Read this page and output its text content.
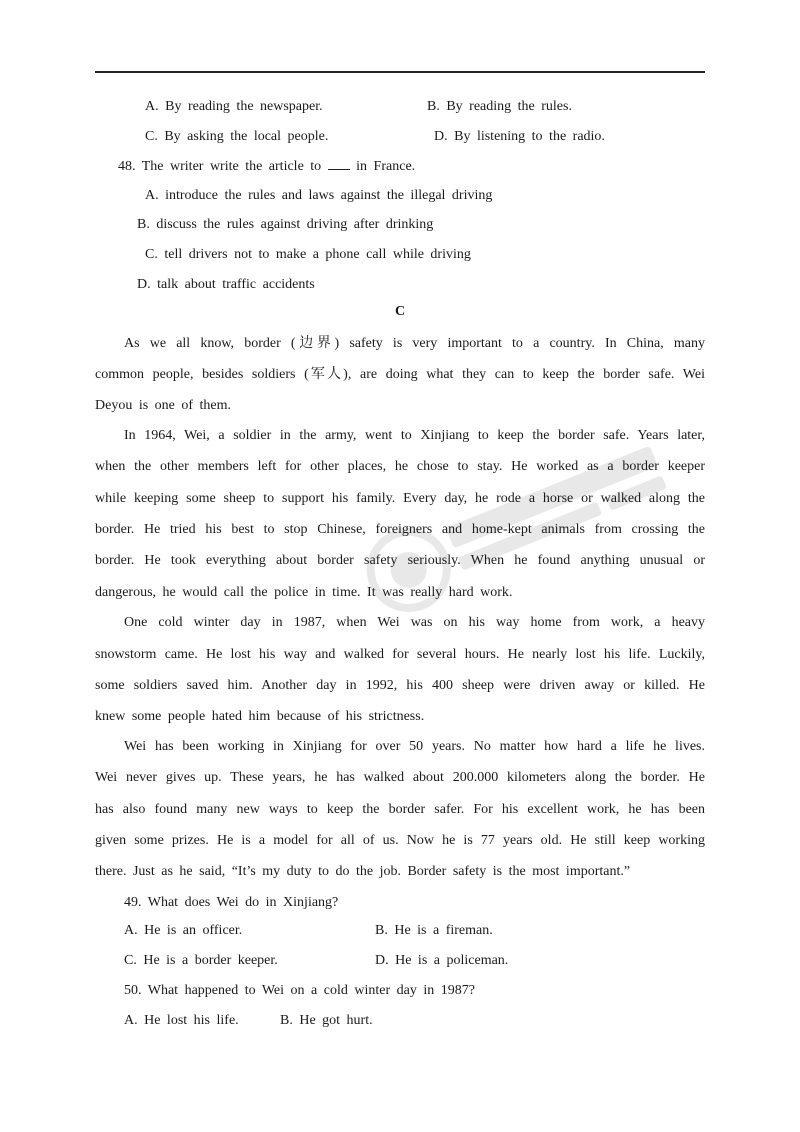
A. By reading the newspaper.	B. By reading the rules.
C. By asking the local people.	D. By listening to the radio.
48. The writer write the article to	in France.
A. introduce the rules and laws against the illegal driving
B. discuss the rules against driving after drinking
C. tell drivers not to make a phone call while driving
D. talk about traffic accidents
C
As we all know, border (边界) safety is very important to a country. In China, many
common people, besides soldiers (军人), are doing what they can to keep the border safe. Wei
Deyou is one of them.
In 1964, Wei, a soldier in the army, went to Xinjiang to keep the border safe. Years later,
when the other members left for other places, he chose to stay. He worked as a border keeper
while keeping some sheep to support his family. Every day, he rode a horse or walked along the
border. He tried his best to stop Chinese, foreigners and home-kept animals from crossing the
border. He took everything about border safety seriously. When he found anything unusual or
dangerous, he would call the police in time. It was really hard work.
One cold winter day in 1987, when Wei was on his way home from work, a heavy
snowstorm came. He lost his way and walked for several hours. He nearly lost his life. Luckily,
some soldiers saved him. Another day in 1992, his 400 sheep were driven away or killed. He
knew some people hated him because of his strictness.
Wei has been working in Xinjiang for over 50 years. No matter how hard a life he lives.
Wei never gives up. These years, he has walked about 200.000 kilometers along the border. He
has also found many new ways to keep the border safer. For his excellent work, he has been
given some prizes. He is a model for all of us. Now he is 77 years old. He still keep working
there. Just as he said, “It’s my duty to do the job. Border safety is the most important.”
49. What does Wei do in Xinjiang?
A. He is an officer.	B. He is a fireman.
C. He is a border keeper.	D. He is a policeman.
50. What happened to Wei on a cold winter day in 1987?
A. He lost his life.	B. He got hurt.
